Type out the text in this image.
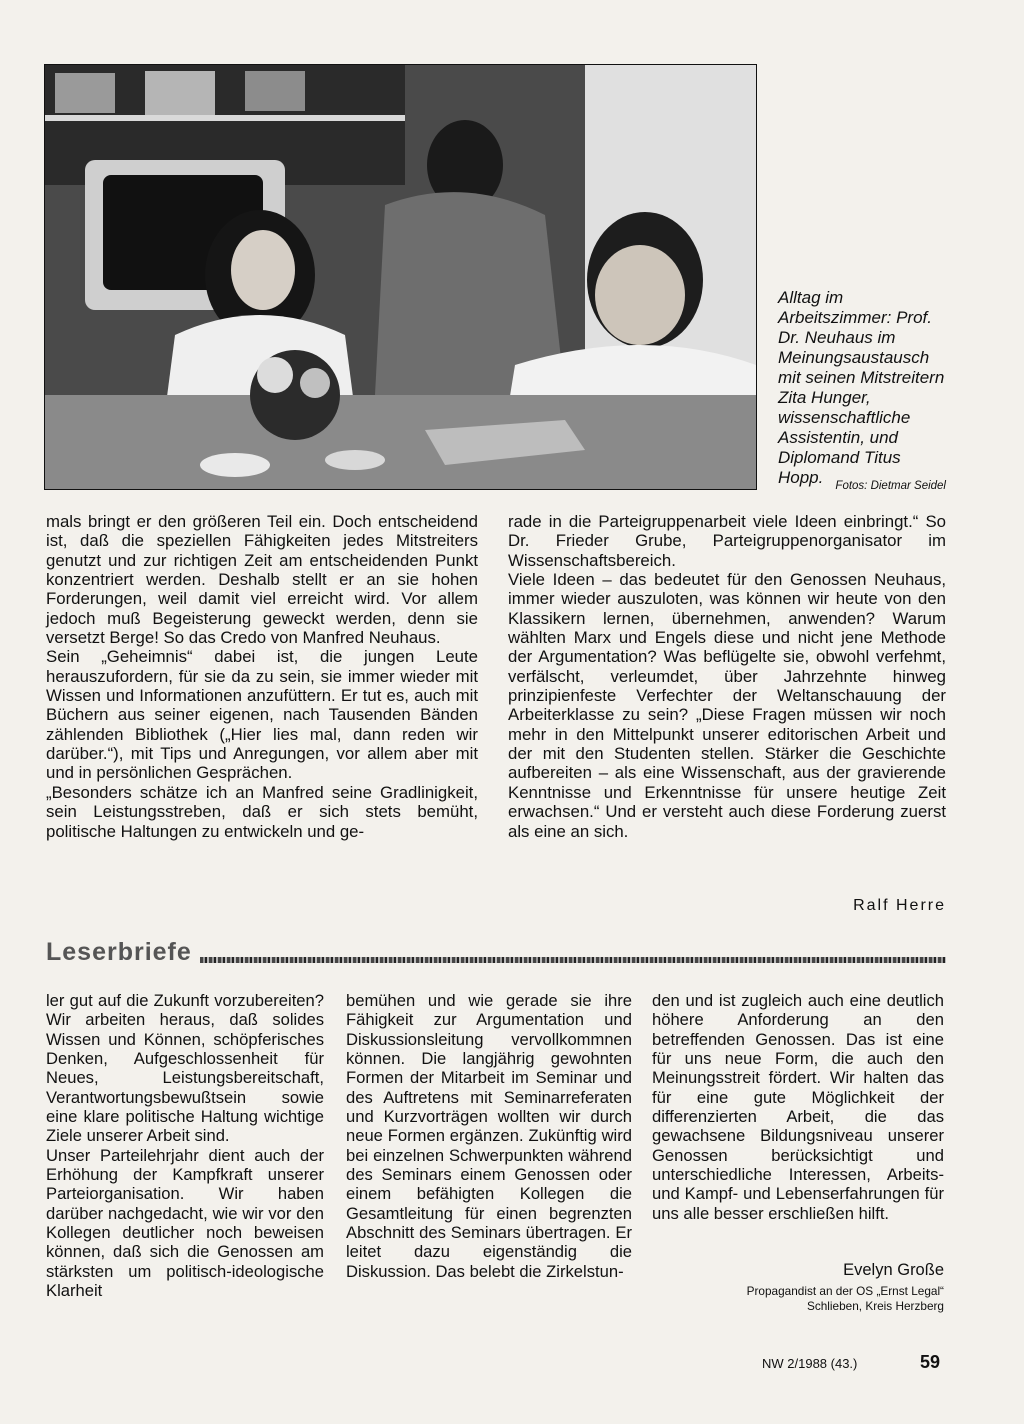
Alltag im Arbeitszimmer: Prof. Dr. Neuhaus im Meinungsaustausch mit seinen Mitstreitern Zita Hunger, wissenschaftliche Assistentin, und Diplomand Titus Hopp.	Fotos: Dietmar Seidel

mals bringt er den größeren Teil ein. Doch entscheidend ist, daß die speziellen Fähigkeiten jedes Mitstreiters genutzt und zur richtigen Zeit am entscheidenden Punkt konzentriert werden. Deshalb stellt er an sie hohen Forderungen, weil damit viel erreicht wird. Vor allem jedoch muß Begeisterung geweckt werden, denn sie versetzt Berge! So das Credo von Manfred Neuhaus.
Sein „Geheimnis“ dabei ist, die jungen Leute herauszufordern, für sie da zu sein, sie immer wieder mit Wissen und Informationen anzufüttern. Er tut es, auch mit Büchern aus seiner eigenen, nach Tausenden Bänden zählenden Bibliothek („Hier lies mal, dann reden wir darüber.“), mit Tips und Anregungen, vor allem aber mit und in persönlichen Gesprächen.
„Besonders schätze ich an Manfred seine Gradlinigkeit, sein Leistungsstreben, daß er sich stets bemüht, politische Haltungen zu entwickeln und ge-

rade in die Parteigruppenarbeit viele Ideen einbringt.“ So Dr. Frieder Grube, Parteigruppenorganisator im Wissenschaftsbereich.
Viele Ideen – das bedeutet für den Genossen Neuhaus, immer wieder auszuloten, was können wir heute von den Klassikern lernen, übernehmen, anwenden? Warum wählten Marx und Engels diese und nicht jene Methode der Argumentation? Was beflügelte sie, obwohl verfehmt, verfälscht, verleumdet, über Jahrzehnte hinweg prinzipienfeste Verfechter der Weltanschauung der Arbeiterklasse zu sein? „Diese Fragen müssen wir noch mehr in den Mittelpunkt unserer editorischen Arbeit und der mit den Studenten stellen. Stärker die Geschichte aufbereiten – als eine Wissenschaft, aus der gravierende Kenntnisse und Erkenntnisse für unsere heutige Zeit erwachsen.“ Und er versteht auch diese Forderung zuerst als eine an sich.

Ralf Herre

Leserbriefe

ler gut auf die Zukunft vorzubereiten? Wir arbeiten heraus, daß solides Wissen und Können, schöpferisches Denken, Aufgeschlossenheit für Neues, Leistungsbereitschaft, Verantwortungsbewußtsein sowie eine klare politische Haltung wichtige Ziele unserer Arbeit sind.
Unser Parteilehrjahr dient auch der Erhöhung der Kampfkraft unserer Parteiorganisation. Wir haben darüber nachgedacht, wie wir vor den Kollegen deutlicher noch beweisen können, daß sich die Genossen am stärksten um politisch-ideologische Klarheit

bemühen und wie gerade sie ihre Fähigkeit zur Argumentation und Diskussionsleitung vervollkommnen können. Die langjährig gewohnten Formen der Mitarbeit im Seminar und des Auftretens mit Seminarreferaten und Kurzvorträgen wollten wir durch neue Formen ergänzen. Zukünftig wird bei einzelnen Schwerpunkten während des Seminars einem Genossen oder einem befähigten Kollegen die Gesamtleitung für einen begrenzten Abschnitt des Seminars übertragen. Er leitet dazu eigenständig die Diskussion. Das belebt die Zirkelstun-

den und ist zugleich auch eine deutlich höhere Anforderung an den betreffenden Genossen. Das ist eine für uns neue Form, die auch den Meinungsstreit fördert. Wir halten das für eine gute Möglichkeit der differenzierten Arbeit, die das gewachsene Bildungsniveau unserer Genossen berücksichtigt und unterschiedliche Interessen, Arbeits- und Kampf- und Lebenserfahrungen für uns alle besser erschließen hilft.

Evelyn Große

Propagandist an der OS „Ernst Legal“
Schlieben, Kreis Herzberg

NW 2/1988 (43.)	59
